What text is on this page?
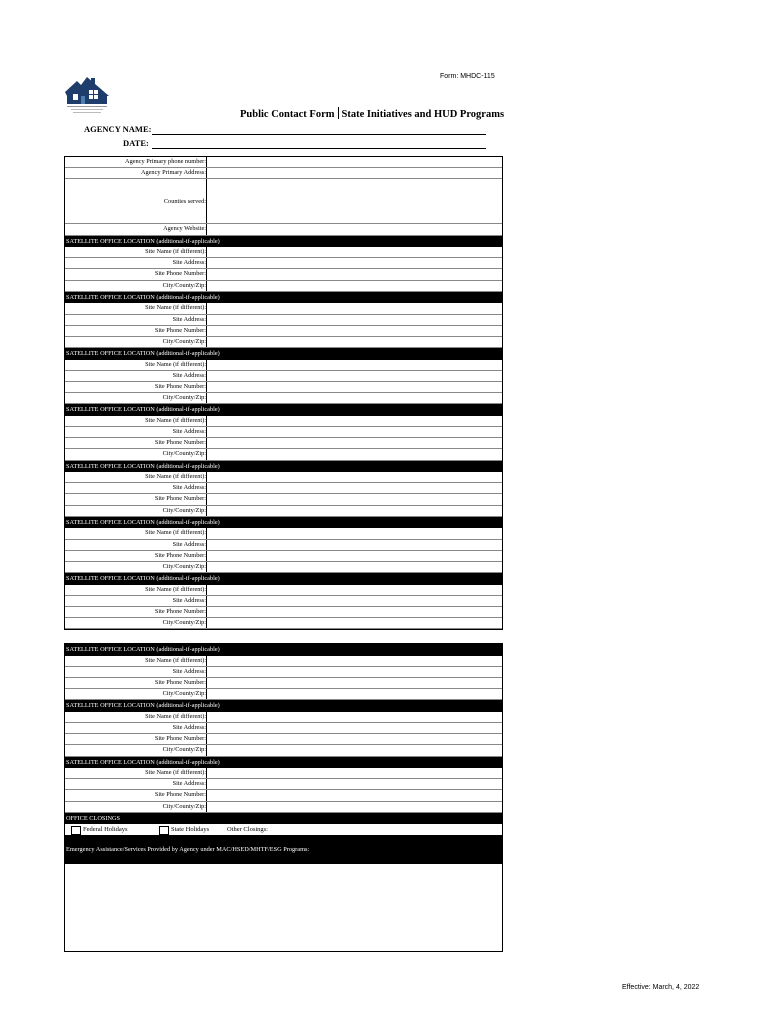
Form: MHDC-115
Public Contact Form State Initiatives and HUD Programs
AGENCY NAME:
DATE:
Agency Primary phone number:
Agency Primary Address:
Counties served:
Agency Website:
SATELLITE OFFICE LOCATION (additional-if-applicable)
Site Name (if different):
Site Address:
Site Phone Number:
City/County/Zip:
SATELLITE OFFICE LOCATION (additional-if-applicable)
Site Name (if different):
Site Address:
Site Phone Number:
City/County/Zip:
SATELLITE OFFICE LOCATION (additional-if-applicable)
Site Name (if different):
Site Address:
Site Phone Number:
City/County/Zip:
SATELLITE OFFICE LOCATION (additional-if-applicable)
Site Name (if different):
Site Address:
Site Phone Number:
City/County/Zip:
SATELLITE OFFICE LOCATION (additional-if-applicable)
Site Name (if different):
Site Address:
Site Phone Number:
City/County/Zip:
SATELLITE OFFICE LOCATION (additional-if-applicable)
Site Name (if different):
Site Address:
Site Phone Number:
City/County/Zip:
SATELLITE OFFICE LOCATION (additional-if-applicable)
Site Name (if different):
Site Address:
Site Phone Number:
City/County/Zip:
SATELLITE OFFICE LOCATION (additional-if-applicable)
Site Name (if different):
Site Address:
Site Phone Number:
City/County/Zip:
SATELLITE OFFICE LOCATION (additional-if-applicable)
Site Name (if different):
Site Address:
Site Phone Number:
City/County/Zip:
SATELLITE OFFICE LOCATION (additional-if-applicable)
Site Name (if different):
Site Address:
Site Phone Number:
City/County/Zip:
OFFICE CLOSINGS
Federal Holidays	State Holidays	Other Closings:
Emergency Assistance/Services Provided by Agency under MAC/HSED/MHTF/ESG Programs:
Effective: March, 4, 2022
